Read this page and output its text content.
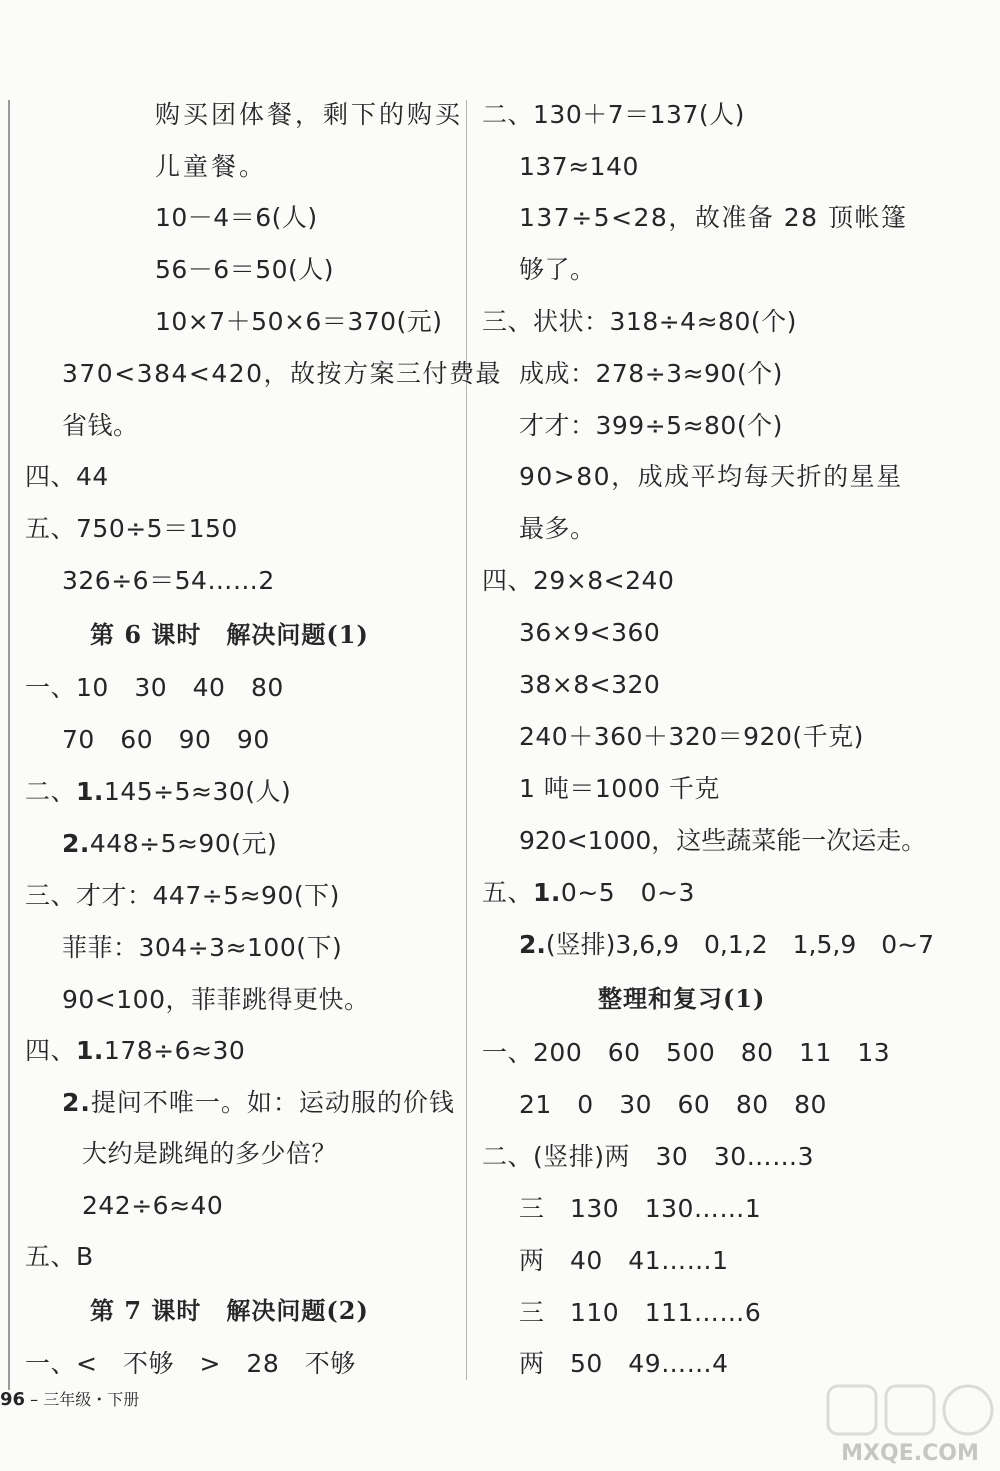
购买团体餐，剩下的购买
儿童餐。
10－4＝6(人)
56－6＝50(人)
10×7＋50×6＝370(元)
370<384<420，故按方案三付费最
省钱。
四、44
五、750÷5＝150
326÷6＝54……2
第 6 课时　解决问题(1)
一、10　30　40　80
70　60　90　90
二、1.145÷5≈30(人)
2.448÷5≈90(元)
三、才才：447÷5≈90(下)
菲菲：304÷3≈100(下)
90<100，菲菲跳得更快。
四、1.178÷6≈30
2.提问不唯一。如：运动服的价钱
大约是跳绳的多少倍？
242÷6≈40
五、B
第 7 课时　解决问题(2)
一、<　不够　>　28　不够
二、130＋7＝137(人)
137≈140
137÷5<28，故准备 28 顶帐篷
够了。
三、状状：318÷4≈80(个)
成成：278÷3≈90(个)
才才：399÷5≈80(个)
90>80，成成平均每天折的星星
最多。
四、29×8<240
36×9<360
38×8<320
240＋360＋320＝920(千克)
1 吨＝1000 千克
920<1000，这些蔬菜能一次运走。
五、1.0~5　0~3
2.(竖排)3,6,9　0,1,2　1,5,9　0~7
整理和复习(1)
一、200　60　500　80　11　13
21　0　30　60　80　80
二、(竖排)两　30　30……3
三　130　130……1
两　40　41……1
三　110　111……6
两　50　49……4
96 – 三年级・下册
MXQE.COM
